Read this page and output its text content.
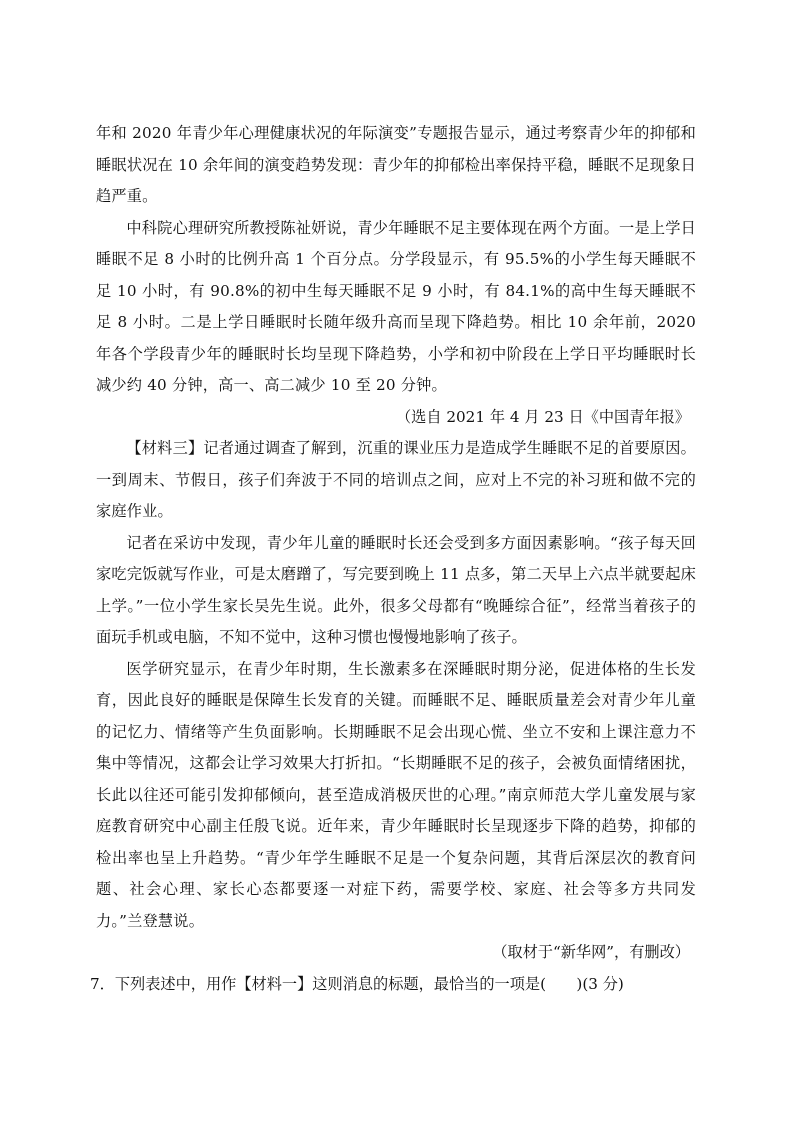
年和 2020 年青少年心理健康状况的年际演变”专题报告显示，通过考察青少年的抑郁和睡眠状况在 10 余年间的演变趋势发现：青少年的抑郁检出率保持平稳，睡眠不足现象日趋严重。

中科院心理研究所教授陈祉妍说，青少年睡眠不足主要体现在两个方面。一是上学日睡眠不足 8 小时的比例升高 1 个百分点。分学段显示，有 95.5%的小学生每天睡眠不足 10 小时，有 90.8%的初中生每天睡眠不足 9 小时，有 84.1%的高中生每天睡眠不足 8 小时。二是上学日睡眠时长随年级升高而呈现下降趋势。相比 10 余年前，2020 年各个学段青少年的睡眠时长均呈现下降趋势，小学和初中阶段在上学日平均睡眠时长减少约 40 分钟，高一、高二减少 10 至 20 分钟。

（选自 2021 年 4 月 23 日《中国青年报》

【材料三】记者通过调查了解到，沉重的课业压力是造成学生睡眠不足的首要原因。一到周末、节假日，孩子们奔波于不同的培训点之间，应对上不完的补习班和做不完的家庭作业。

记者在采访中发现，青少年儿童的睡眠时长还会受到多方面因素影响。“孩子每天回家吃完饭就写作业，可是太磨蹭了，写完要到晚上 11 点多，第二天早上六点半就要起床上学。”一位小学生家长吴先生说。此外，很多父母都有“晚睡综合征”，经常当着孩子的面玩手机或电脑，不知不觉中，这种习惯也慢慢地影响了孩子。

医学研究显示，在青少年时期，生长激素多在深睡眠时期分泌，促进体格的生长发育，因此良好的睡眠是保障生长发育的关键。而睡眠不足、睡眠质量差会对青少年儿童的记忆力、情绪等产生负面影响。长期睡眠不足会出现心慌、坐立不安和上课注意力不集中等情况，这都会让学习效果大打折扣。“长期睡眠不足的孩子，会被负面情绪困扰，长此以往还可能引发抑郁倾向，甚至造成消极厌世的心理。”南京师范大学儿童发展与家庭教育研究中心副主任殷飞说。近年来，青少年睡眠时长呈现逐步下降的趋势，抑郁的检出率也呈上升趋势。“青少年学生睡眠不足是一个复杂问题，其背后深层次的教育问题、社会心理、家长心态都要逐一对症下药，需要学校、家庭、社会等多方共同发力。”兰登慧说。

（取材于“新华网”，有删改）

7．下列表述中，用作【材料一】这则消息的标题，最恰当的一项是(　　)(3 分)
